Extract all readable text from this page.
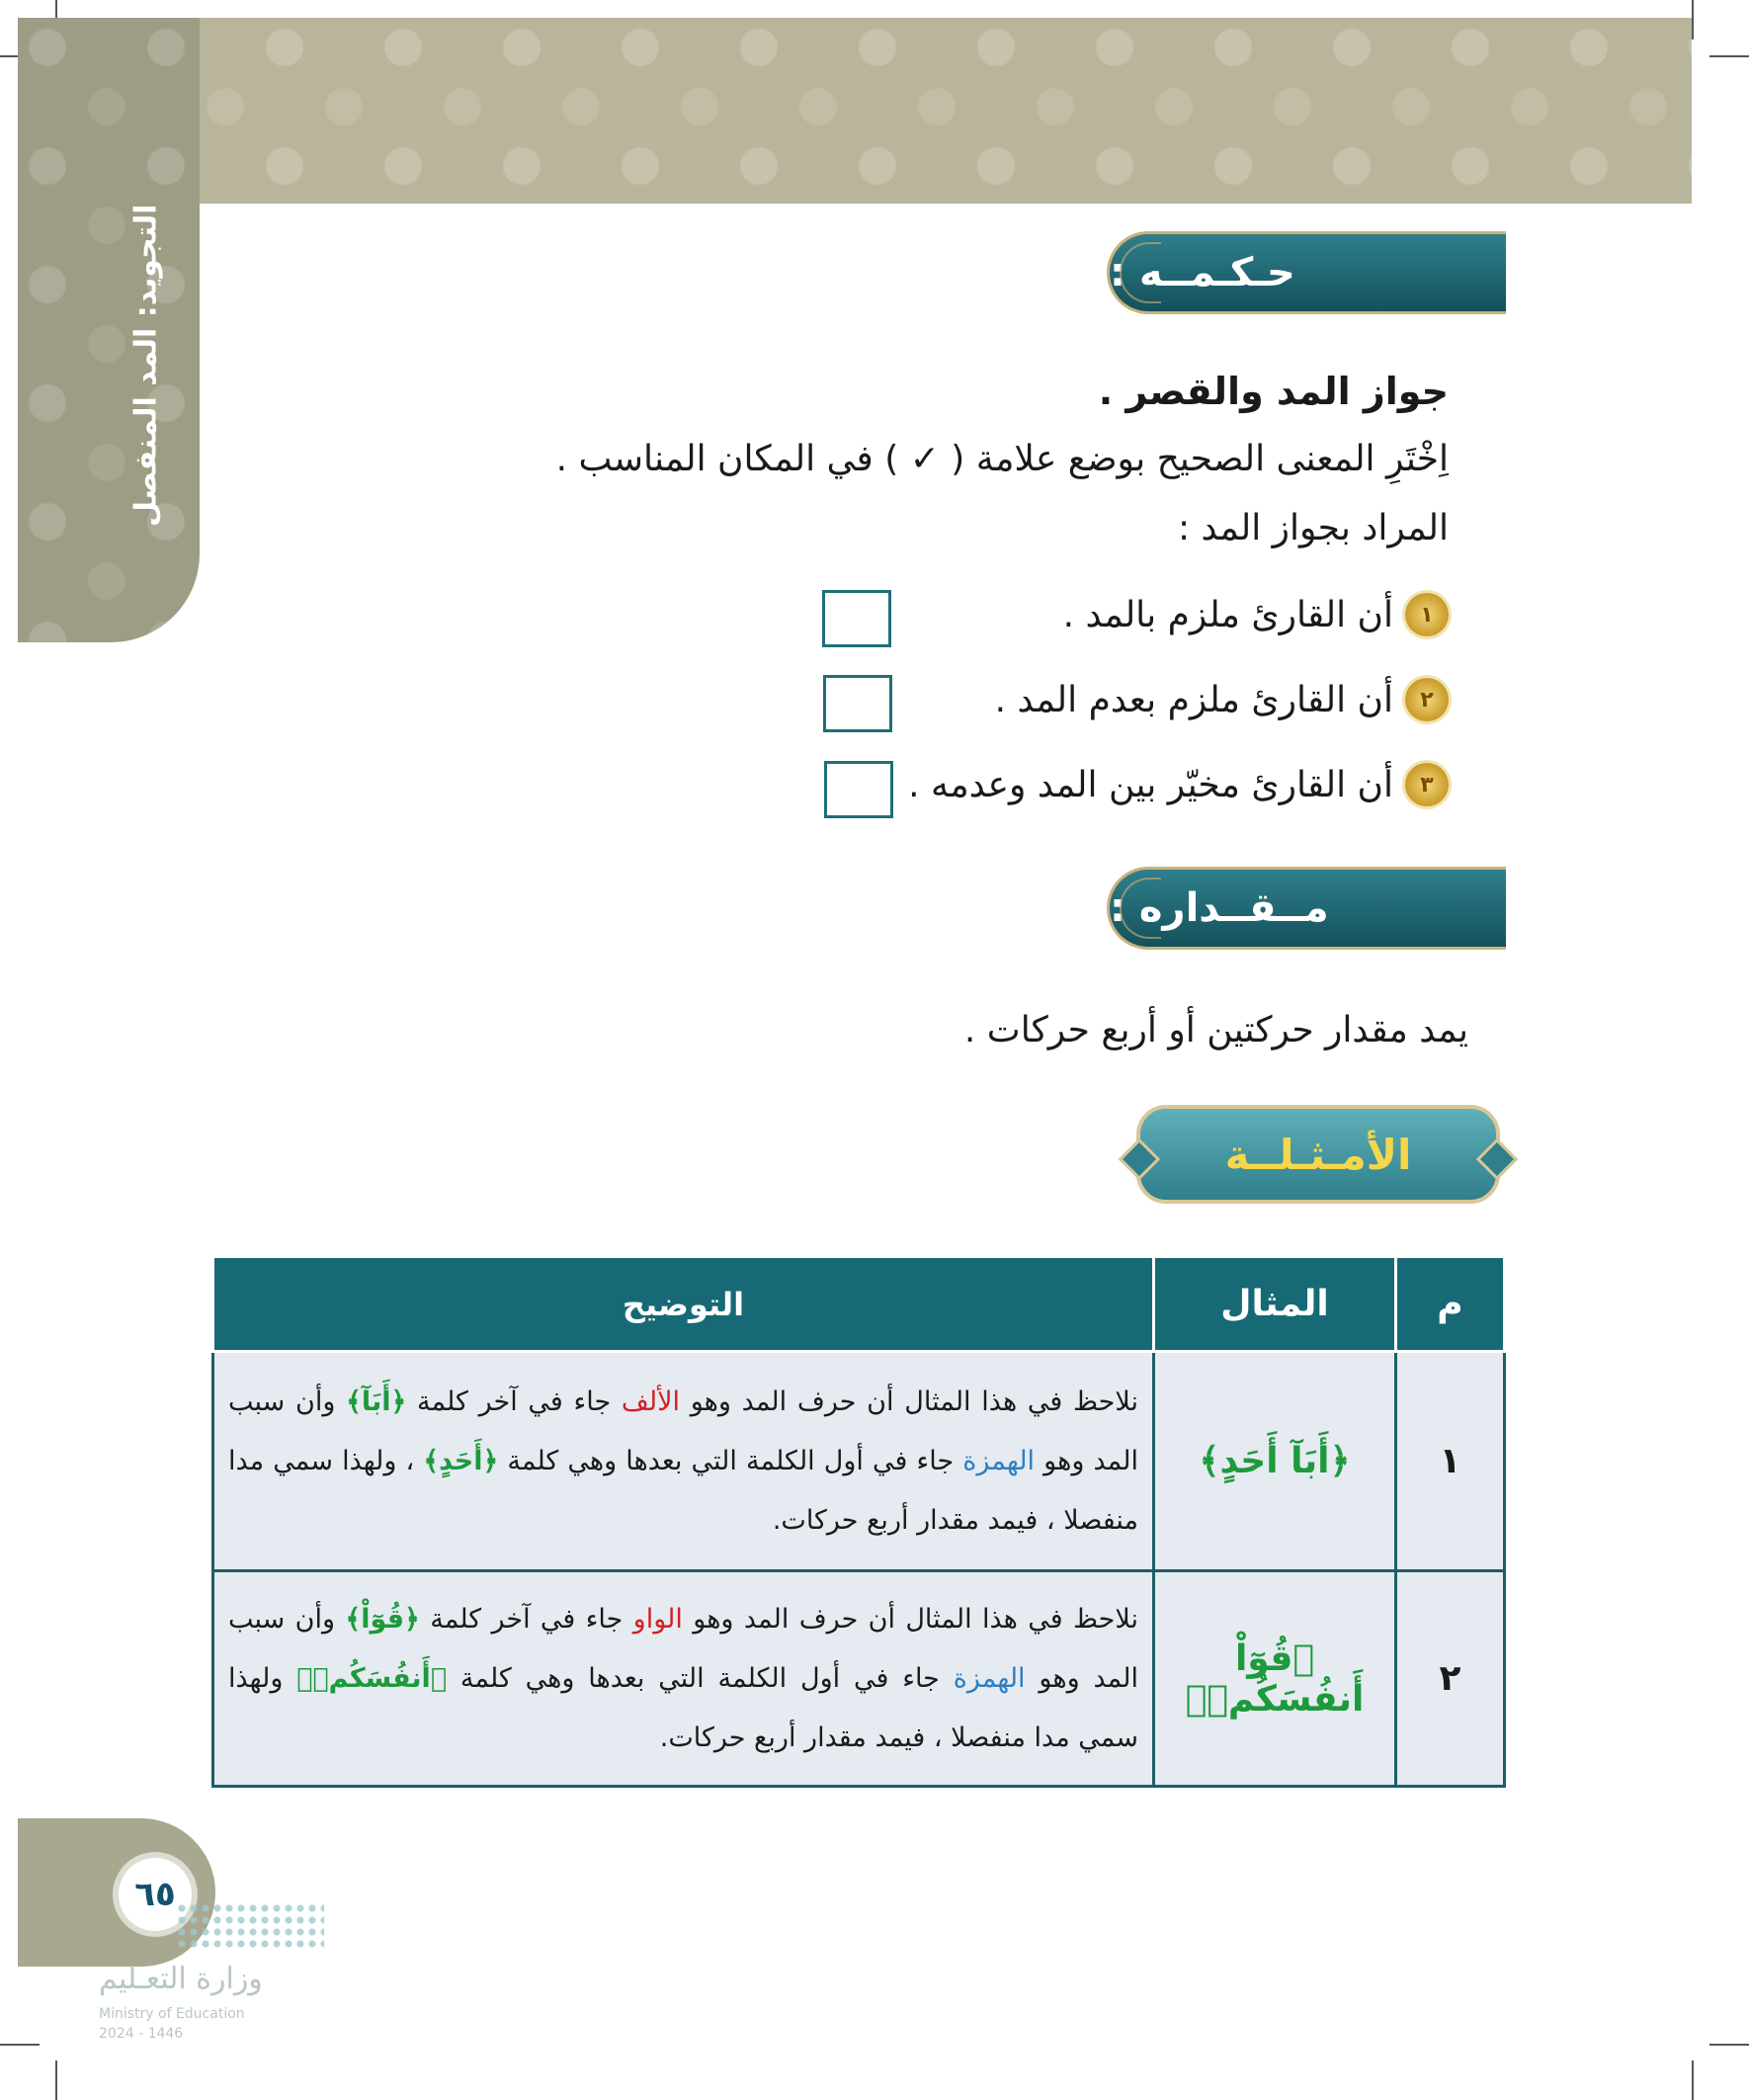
التجويد: المد المنفصل	حـكـمــه :
جواز المد والقصر .
اِخْتَرِ المعنى الصحيح بوضع علامة ( ✓ ) في المكان المناسب .
المراد بجواز المد :
١
أن القارئ ملزم بالمد .
٢
أن القارئ ملزم بعدم المد .
٣
أن القارئ مخيّر بين المد وعدمه .
مــقــداره :
يمد مقدار حركتين أو أربع حركات .
الأمـثـلــة
م	المثال	التوضيح
١	﴿أَبَآ أَحَدٍ﴾	نلاحظ في هذا المثال أن حرف المد وهو الألف جاء في آخر كلمة ﴿أَبَآ﴾ وأن سبب المد وهو الهمزة جاء في أول الكلمة التي بعدها وهي كلمة ﴿أَحَدٍ﴾ ، ولهذا سمي مدا منفصلا ، فيمد مقدار أربع حركات.
٢	﴿قُوٓاْ أَنفُسَكُمۡ﴾	نلاحظ في هذا المثال أن حرف المد وهو الواو جاء في آخر كلمة ﴿قُوٓاْ﴾ وأن سبب المد وهو الهمزة جاء في أول الكلمة التي بعدها وهي كلمة ﴿أَنفُسَكُمۡ﴾ ولهذا سمي مدا منفصلا ، فيمد مقدار أربع حركات.
٦٥
وزارة التعـليم
Ministry of Education
2024 - 1446
